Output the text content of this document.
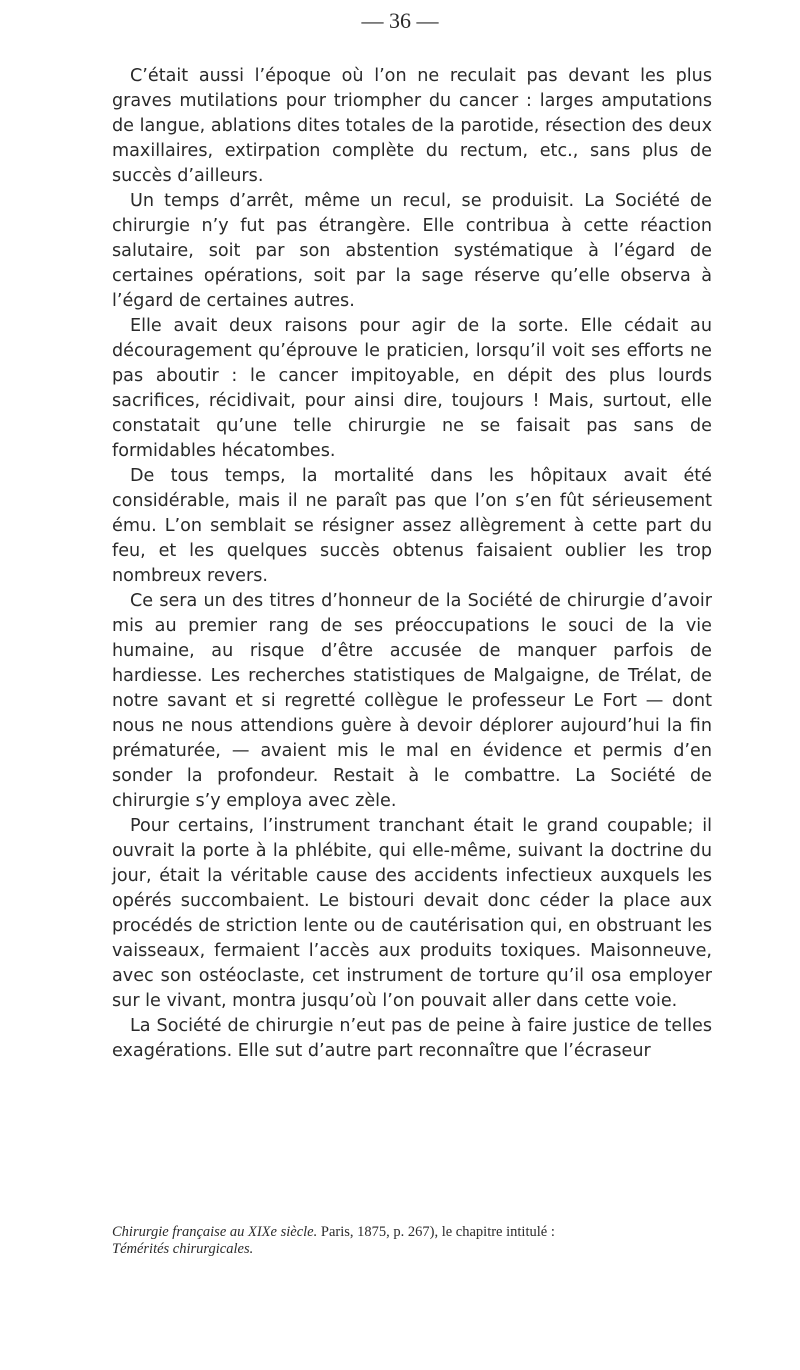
— 36 —

C’était aussi l’époque où l’on ne reculait pas devant les plus graves mutilations pour triompher du cancer : larges amputations de langue, ablations dites totales de la parotide, résection des deux maxillaires, extirpation complète du rectum, etc., sans plus de succès d’ailleurs.

Un temps d’arrêt, même un recul, se produisit. La Société de chirurgie n’y fut pas étrangère. Elle contribua à cette réaction salutaire, soit par son abstention systématique à l’égard de certaines opérations, soit par la sage réserve qu’elle observa à l’égard de certaines autres.

Elle avait deux raisons pour agir de la sorte. Elle cédait au découragement qu’éprouve le praticien, lorsqu’il voit ses efforts ne pas aboutir : le cancer impitoyable, en dépit des plus lourds sacrifices, récidivait, pour ainsi dire, toujours ! Mais, surtout, elle constatait qu’une telle chirurgie ne se faisait pas sans de formidables hécatombes.

De tous temps, la mortalité dans les hôpitaux avait été considérable, mais il ne paraît pas que l’on s’en fût sérieusement ému. L’on semblait se résigner assez allègrement à cette part du feu, et les quelques succès obtenus faisaient oublier les trop nombreux revers.

Ce sera un des titres d’honneur de la Société de chirurgie d’avoir mis au premier rang de ses préoccupations le souci de la vie humaine, au risque d’être accusée de manquer parfois de hardiesse. Les recherches statistiques de Malgaigne, de Trélat, de notre savant et si regretté collègue le professeur Le Fort — dont nous ne nous attendions guère à devoir déplorer aujourd’hui la fin prématurée, — avaient mis le mal en évidence et permis d’en sonder la profondeur. Restait à le combattre. La Société de chirurgie s’y employa avec zèle.

Pour certains, l’instrument tranchant était le grand coupable; il ouvrait la porte à la phlébite, qui elle-même, suivant la doctrine du jour, était la véritable cause des accidents infectieux auxquels les opérés succombaient. Le bistouri devait donc céder la place aux procédés de striction lente ou de cautérisation qui, en obstruant les vaisseaux, fermaient l’accès aux produits toxiques. Maisonneuve, avec son ostéoclaste, cet instrument de torture qu’il osa employer sur le vivant, montra jusqu’où l’on pouvait aller dans cette voie.

La Société de chirurgie n’eut pas de peine à faire justice de telles exagérations. Elle sut d’autre part reconnaître que l’écraseur

Chirurgie française au XIXe siècle. Paris, 1875, p. 267), le chapitre intitulé :
Témérités chirurgicales.
